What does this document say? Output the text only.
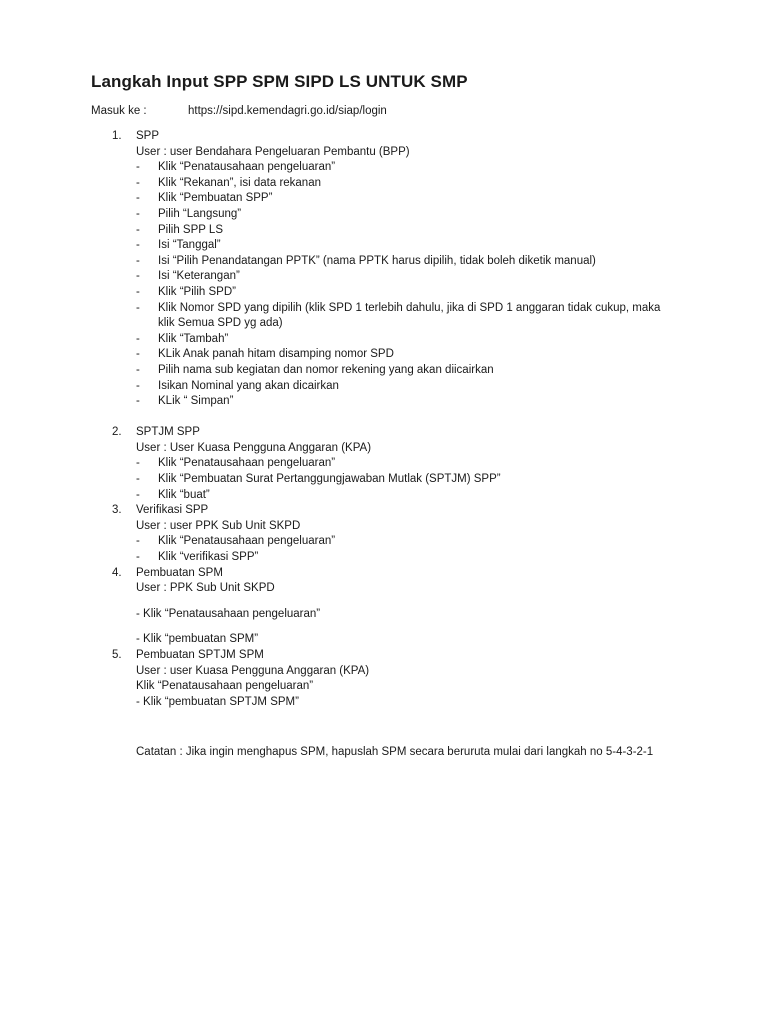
Langkah Input SPP SPM SIPD LS UNTUK SMP
Masuk ke :	https://sipd.kemendagri.go.id/siap/login
1. SPP
User : user Bendahara Pengeluaran Pembantu (BPP)
- Klik “Penatausahaan pengeluaran”
- Klik “Rekanan”, isi data rekanan
- Klik “Pembuatan SPP”
- Pilih “Langsung”
- Pilih SPP LS
- Isi “Tanggal”
- Isi “Pilih Penandatangan PPTK” (nama PPTK harus dipilih, tidak boleh diketik manual)
- Isi “Keterangan”
- Klik “Pilih SPD”
- Klik Nomor SPD yang dipilih (klik SPD 1 terlebih dahulu, jika di SPD 1 anggaran tidak cukup, maka klik Semua SPD yg ada)
- Klik “Tambah”
- KLik Anak panah hitam disamping nomor SPD
- Pilih nama sub kegiatan dan nomor rekening yang akan diicairkan
- Isikan Nominal yang akan dicairkan
- KLik “ Simpan”
2. SPTJM SPP
User : User Kuasa Pengguna Anggaran (KPA)
- Klik “Penatausahaan pengeluaran”
- Klik “Pembuatan Surat Pertanggungjawaban Mutlak (SPTJM) SPP”
- Klik “buat”
3. Verifikasi SPP
User : user PPK Sub Unit SKPD
- Klik “Penatausahaan pengeluaran”
- Klik “verifikasi SPP”
4. Pembuatan SPM
User : PPK Sub Unit SKPD
- Klik “Penatausahaan pengeluaran”
- Klik “pembuatan SPM”
5. Pembuatan SPTJM SPM
User : user Kuasa Pengguna Anggaran (KPA)
Klik “Penatausahaan pengeluaran”
- Klik “pembuatan SPTJM SPM”
Catatan : Jika ingin menghapus SPM, hapuslah SPM secara beruruta mulai dari langkah no 5-4-3-2-1
